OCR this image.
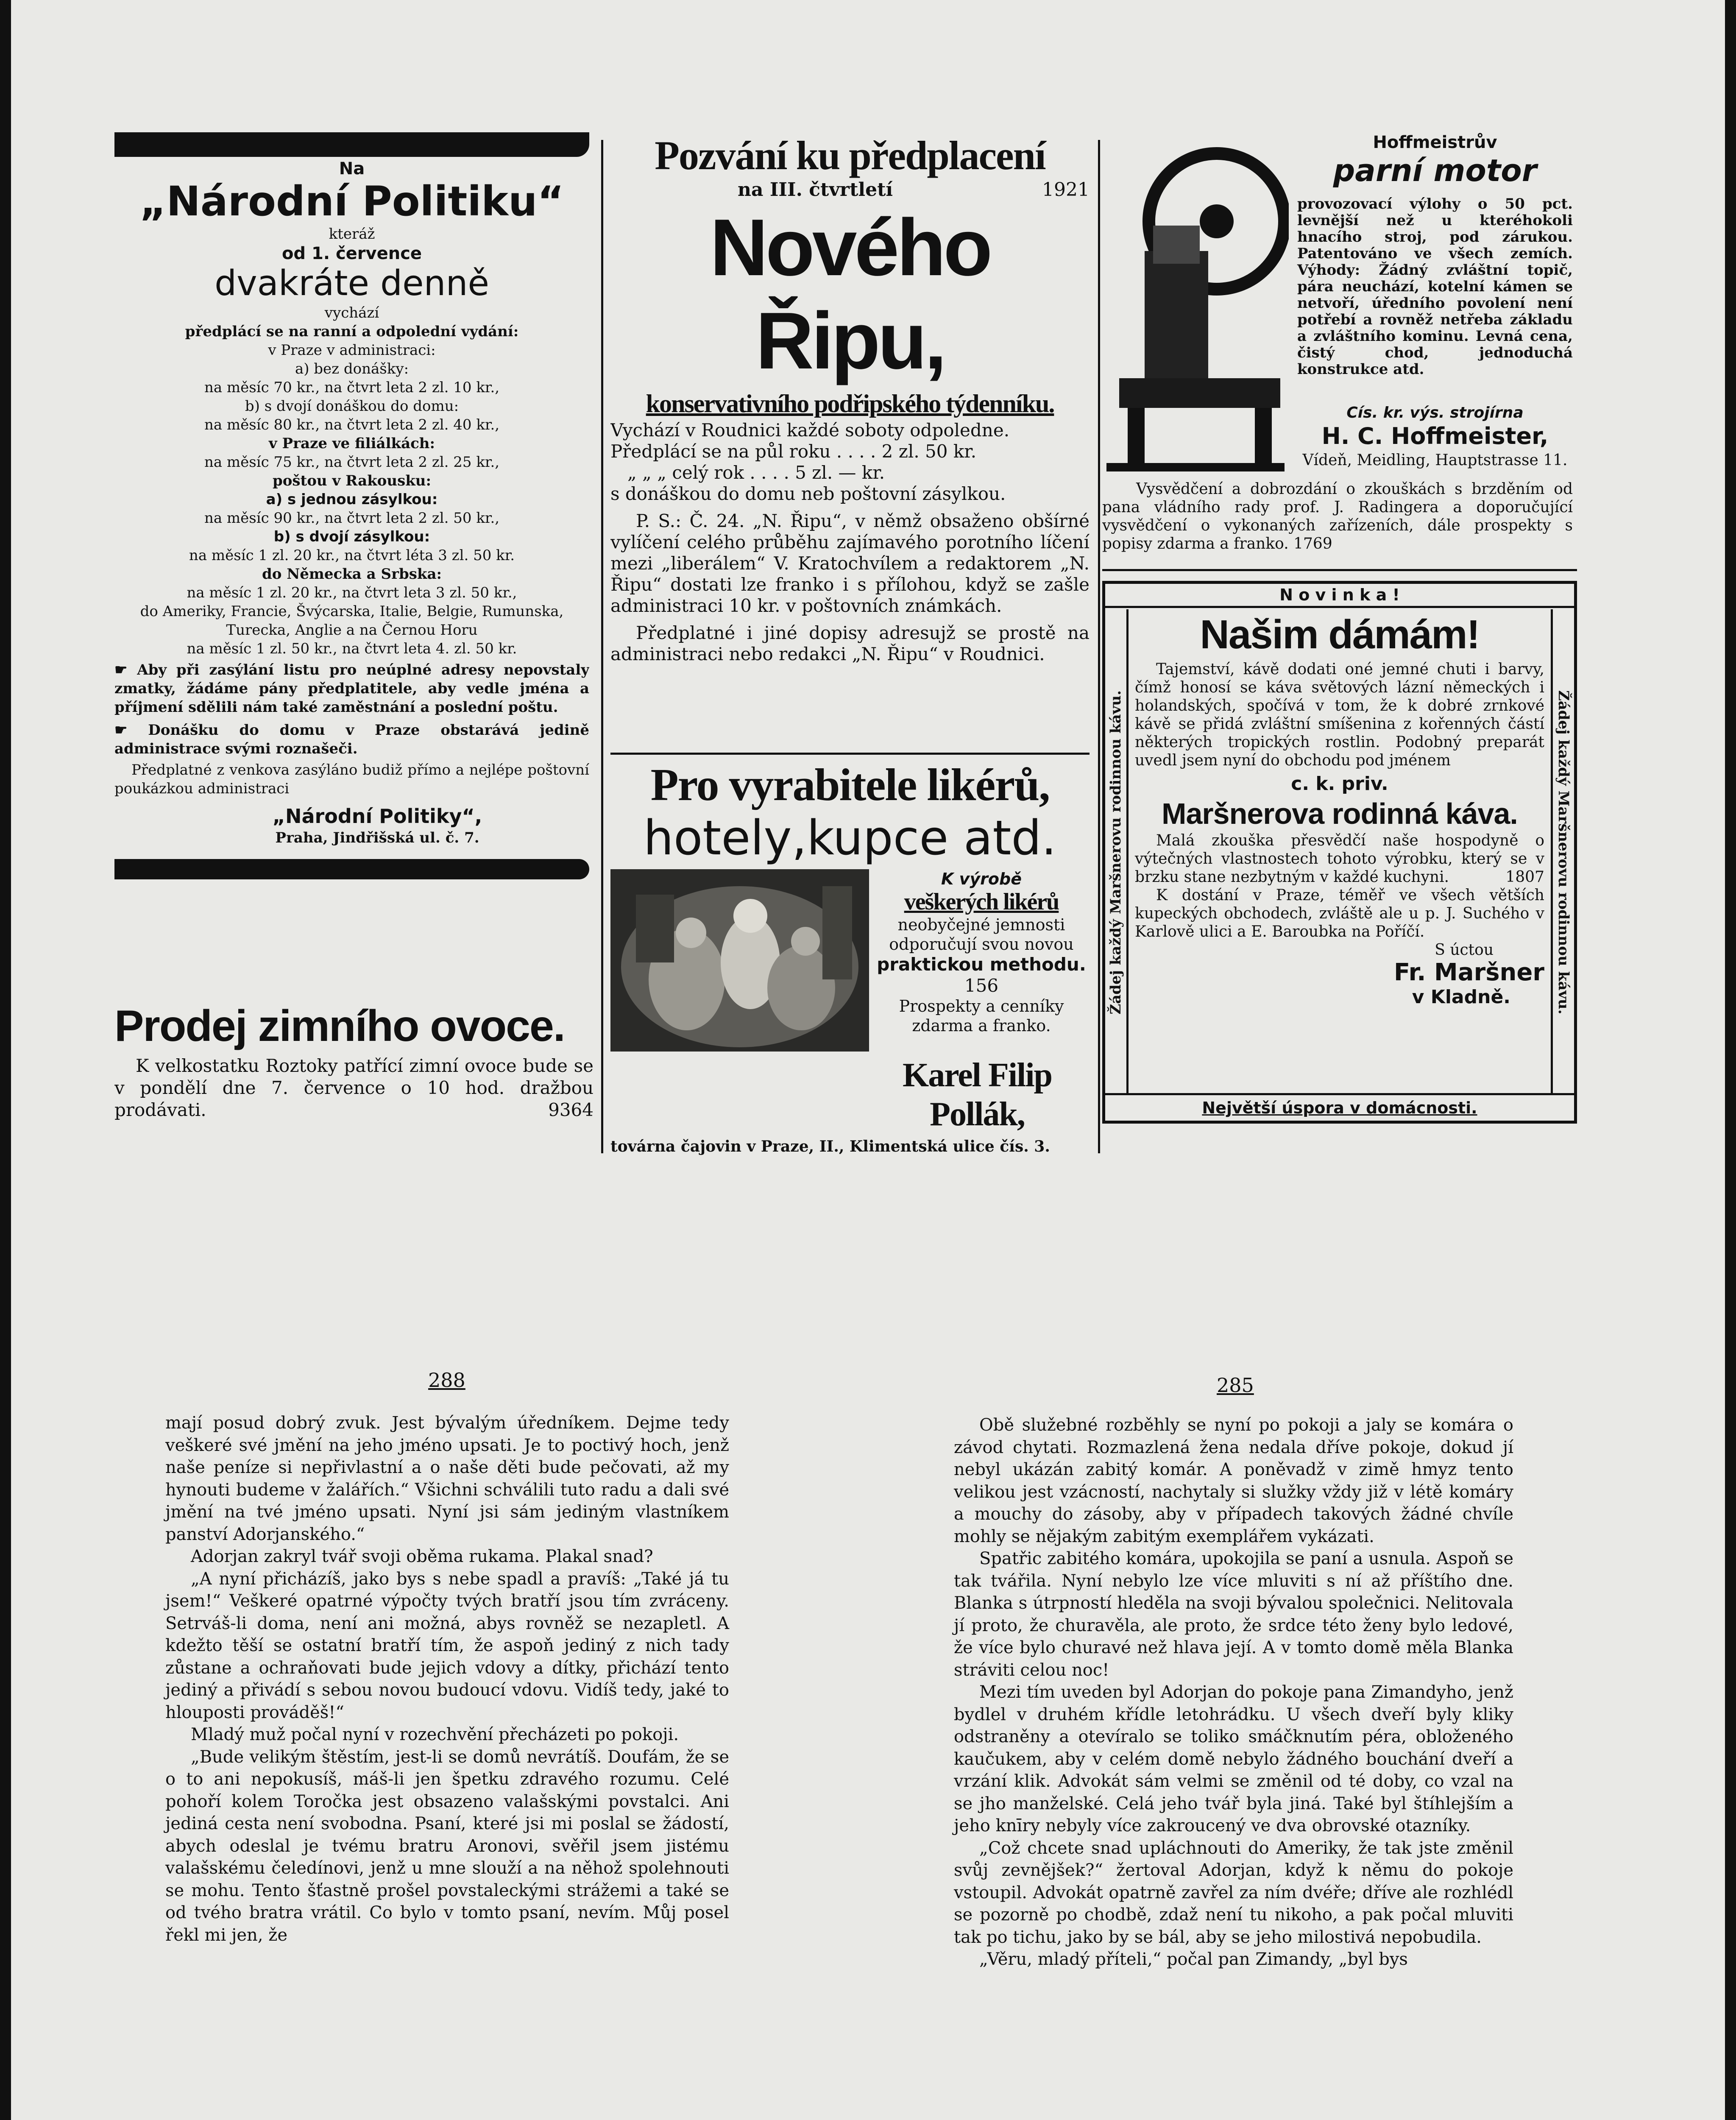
Na
„Národní Politiku“
kteráž
od 1. července
dvakráte denně
vychází
předplácí se na ranní a odpolední vydání:
v Praze v administraci:
a) bez donášky:
na měsíc 70 kr., na čtvrt leta 2 zl. 10 kr.,
b) s dvojí donáškou do domu:
na měsíc 80 kr., na čtvrt leta 2 zl. 40 kr.,
v Praze ve filiálkách:
na měsíc 75 kr., na čtvrt leta 2 zl. 25 kr.,
poštou v Rakousku:
a) s jednou zásylkou:
na měsíc 90 kr., na čtvrt leta 2 zl. 50 kr.,
b) s dvojí zásylkou:
na měsíc 1 zl. 20 kr., na čtvrt léta 3 zl. 50 kr.
do Německa a Srbska:
na měsíc 1 zl. 20 kr., na čtvrt leta 3 zl. 50 kr.,
do Ameriky, Francie, Švýcarska, Italie, Belgie, Rumunska, Turecka, Anglie a na Černou Horu
na měsíc 1 zl. 50 kr., na čtvrt leta 4. zl. 50 kr.
☛ Aby při zasýlání listu pro neúplné adresy nepovstaly zmatky, žádáme pány předplatitele, aby vedle jména a příjmení sdělili nám také zaměstnání a poslední poštu.
☛ Donášku do domu v Praze obstarává jedině administrace svými roznašeči.
Předplatné z venkova zasýláno budiž přímo a nejlépe poštovní poukázkou administraci
„Národní Politiky“,
Praha, Jindřišská ul. č. 7.
Prodej zimního ovoce.
K velkostatku Roztoky patřící zimní ovoce bude se v pondělí dne 7. července o 10 hod. dražbou prodávati.	9364
Pozvání ku předplacení
na III. čtvrtletí	1921
Nového Řipu,
konservativního podřipského týdenníku.
Vychází v Roudnici každé soboty odpoledne.
Předplácí se na půl roku . . . . 2 zl. 50 kr.
„ „ „ celý rok . . . . 5 zl. — kr.
s donáškou do domu neb poštovní zásylkou.
P. S.: Č. 24. „N. Řipu“, v němž obsaženo obšírné vylíčení celého průběhu zajímavého porotního líčení mezi „liberálem“ V. Kratochvílem a redaktorem „N. Řipu“ dostati lze franko i s přílohou, když se zašle administraci 10 kr. v poštovních známkách.
Předplatné i jiné dopisy adresujž se prostě na administraci nebo redakci „N. Řipu“ v Roudnici.
Pro vyrabitele likérů,
hotely,kupce atd.
K výrobě
veškerých likérů
neobyčejné jemnosti odporučují svou novou
praktickou methodu. 156
Prospekty a cenníky zdarma a franko.
Karel Filip Pollák,
továrna čajovin v Praze, II., Klimentská ulice čís. 3.
Hoffmeistrův
parní motor
provozovací výlohy o 50 pct. levnější než u kteréhokoli hnacího stroj, pod zárukou. Patentováno ve všech zemích. Výhody: Žádný zvláštní topič, pára neuchází, kotelní kámen se netvoří, úředního povolení není potřebí a rovněž netřeba základu a zvláštního kominu. Levná cena, čistý chod, jednoduchá konstrukce atd.
Cís. kr. výs. strojírna
H. C. Hoffmeister,
Vídeň, Meidling, Hauptstrasse 11.
Vysvědčení a dobrozdání o zkouškách s brzděním od pana vládního rady prof. J. Radingera a doporučující vysvědčení o vykonaných zařízeních, dále prospekty s popisy zdarma a franko. 1769
N o v i n k a !
Žádej každý Maršnerovu rodinnou kávu.	Žádej každý Maršnerovu rodinnou kávu.
Našim dámám!
Tajemství, kávě dodati oné jemné chuti i barvy, čímž honosí se káva světových lázní německých i holandských, spočívá v tom, že k dobré zrnkové kávě se přidá zvláštní smíšenina z kořenných částí některých tropických rostlin. Podobný preparát uvedl jsem nyní do obchodu pod jménem
c. k. priv.
Maršnerova rodinná káva.
Malá zkouška přesvědčí naše hospodyně o výtečných vlastnostech tohoto výrobku, který se v brzku stane nezbytným v každé kuchyni.	1807
K dostání v Praze, téměř ve všech větších kupeckých obchodech, zvláště ale u p. J. Suchého v Karlově ulici a E. Baroubka na Poříčí.
S úctou
Fr. Maršner
v Kladně.
Největší úspora v domácnosti.
288	285

mají posud dobrý zvuk. Jest bývalým úředníkem. Dejme tedy veškeré své jmění na jeho jméno upsati. Je to poctivý hoch, jenž naše peníze si nepřivlastní a o naše děti bude pečovati, až my hynouti budeme v žalářích.“ Všichni schválili tuto radu a dali své jmění na tvé jméno upsati. Nyní jsi sám jediným vlastníkem panství Adorjanského.“

Adorjan zakryl tvář svoji oběma rukama. Plakal snad?

„A nyní přicházíš, jako bys s nebe spadl a pravíš: „Také já tu jsem!“ Veškeré opatrné výpočty tvých bratří jsou tím zvráceny. Setrváš-li doma, není ani možná, abys rovněž se nezapletl. A kdežto těší se ostatní bratří tím, že aspoň jediný z nich tady zůstane a ochraňovati bude jejich vdovy a dítky, přichází tento jediný a přivádí s sebou novou budoucí vdovu. Vidíš tedy, jaké to hlouposti prováděš!“

Mladý muž počal nyní v rozechvění přecházeti po pokoji.

„Bude velikým štěstím, jest-li se domů nevrátíš. Doufám, že se o to ani nepokusíš, máš-li jen špetku zdravého rozumu. Celé pohoří kolem Toročka jest obsazeno valašskými povstalci. Ani jediná cesta není svobodna. Psaní, které jsi mi poslal se žádostí, abych odeslal je tvému bratru Aronovi, svěřil jsem jistému valašskému čeledínovi, jenž u mne slouží a na něhož spolehnouti se mohu. Tento šťastně prošel povstaleckými strážemi a také se od tvého bratra vrátil. Co bylo v tomto psaní, nevím. Můj posel řekl mi jen, že

Obě služebné rozběhly se nyní po pokoji a jaly se komára o závod chytati. Rozmazlená žena nedala dříve pokoje, dokud jí nebyl ukázán zabitý komár. A poněvadž v zimě hmyz tento velikou jest vzácností, nachytaly si služky vždy již v létě komáry a mouchy do zásoby, aby v případech takových žádné chvíle mohly se nějakým zabitým exemplářem vykázati.

Spatřic zabitého komára, upokojila se paní a usnula. Aspoň se tak tvářila. Nyní nebylo lze více mluviti s ní až příštího dne. Blanka s útrpností hleděla na svoji bývalou společnici. Nelitovala jí proto, že churavěla, ale proto, že srdce této ženy bylo ledové, že více bylo churavé než hlava její. A v tomto domě měla Blanka stráviti celou noc!

Mezi tím uveden byl Adorjan do pokoje pana Zimandyho, jenž bydlel v druhém křídle letohrádku. U všech dveří byly kliky odstraněny a otevíralo se toliko smáčknutím péra, obloženého kaučukem, aby v celém domě nebylo žádného bouchání dveří a vrzání klik. Advokát sám velmi se změnil od té doby, co vzal na se jho manželské. Celá jeho tvář byla jiná. Také byl štíhlejším a jeho knīry nebyly více zakroucený ve dva obrovské otazníky.

„Což chcete snad upláchnouti do Ameriky, že tak jste změnil svůj zevnějšek?“ žertoval Adorjan, když k němu do pokoje vstoupil. Advokát opatrně zavřel za ním dvéře; dříve ale rozhlédl se pozorně po chodbě, zdaž není tu nikoho, a pak počal mluviti tak po tichu, jako by se bál, aby se jeho milostivá nepobudila.

„Věru, mladý příteli,“ počal pan Zimandy, „byl bys
